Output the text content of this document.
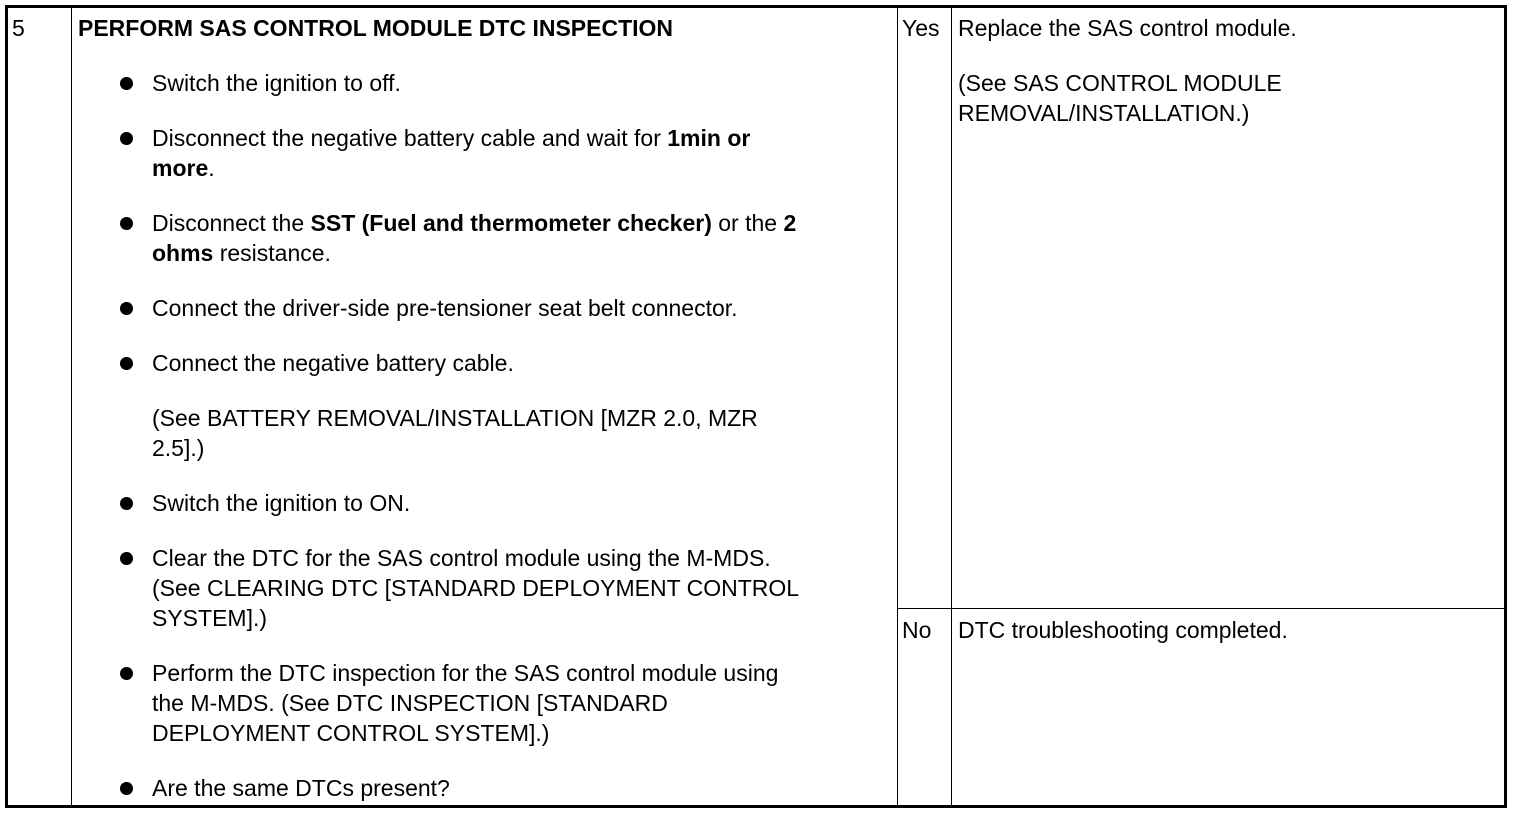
5 PERFORM SAS CONTROL MODULE DTC INSPECTION
Switch the ignition to off.
Disconnect the negative battery cable and wait for 1min or
more.
Disconnect the SST (Fuel and thermometer checker) or the 2
ohms resistance.
Connect the driver-side pre-tensioner seat belt connector.
Connect the negative battery cable.
(See BATTERY REMOVAL/INSTALLATION [MZR 2.0, MZR
2.5].)
Switch the ignition to ON.
Clear the DTC for the SAS control module using the M-MDS.
(See CLEARING DTC [STANDARD DEPLOYMENT CONTROL
SYSTEM].)
Perform the DTC inspection for the SAS control module using
the M-MDS. (See DTC INSPECTION [STANDARD
DEPLOYMENT CONTROL SYSTEM].)
Are the same DTCs present?
Yes Replace the SAS control module.
(See SAS CONTROL MODULE
REMOVAL/INSTALLATION.)
No DTC troubleshooting completed.
